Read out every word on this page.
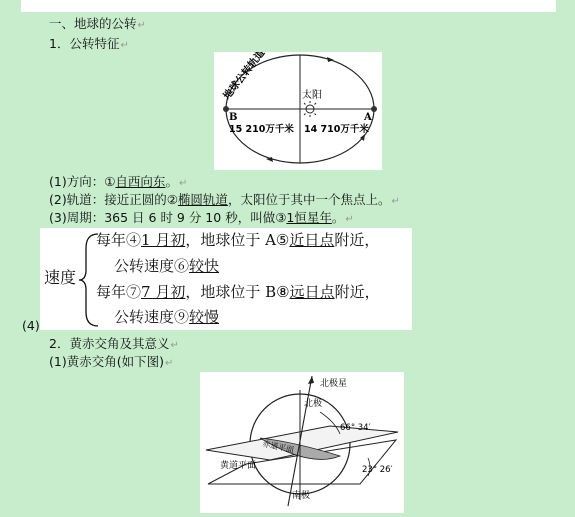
一、地球的公转↵
1．公转特征↵
太阳
B	A
15 210万千米 14 710万千米
地球公转轨道
(1)方向：①自西向东。↵
(2)轨道：接近正圆的②椭圆轨道，太阳位于其中一个焦点上。↵
(3)周期：365 日 6 时 9 分 10 秒，叫做③1恒星年。↵
速度
每年④1 月初，地球位于 A⑤近日点附近，
公转速度⑥较快
每年⑦7 月初，地球位于 B⑧远日点附近，
公转速度⑨较慢
(4)
2．黄赤交角及其意义↵
(1)黄赤交角(如下图)↵
北极星
北极
南极
赤道平面
黄道平面
66° 34′
23° 26′
